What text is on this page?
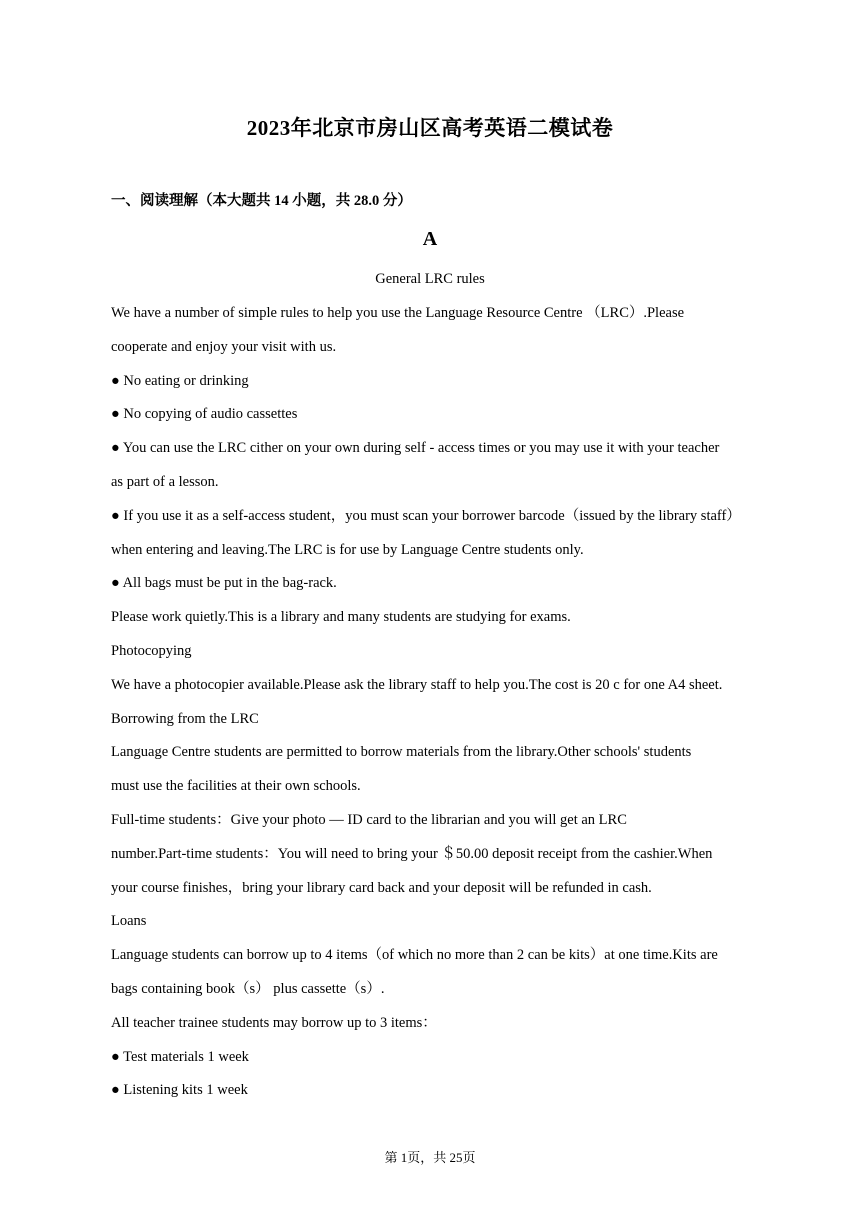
2023年北京市房山区高考英语二模试卷
一、阅读理解（本大题共 14 小题，共 28.0 分）
A
General LRC rules
We have a number of simple rules to help you use the Language Resource Centre （LRC）.Please
cooperate and enjoy your visit with us.
● No eating or drinking
● No copying of audio cassettes
● You can use the LRC cither on your own during self - access times or you may use it with your teacher
as part of a lesson.
● If you use it as a self-access student，you must scan your borrower barcode（issued by the library staff）
when entering and leaving.The LRC is for use by Language Centre students only.
● All bags must be put in the bag-rack.
Please work quietly.This is a library and many students are studying for exams.
Photocopying
We have a photocopier available.Please ask the library staff to help you.The cost is 20 c for one A4 sheet.
Borrowing from the LRC
Language Centre students are permitted to borrow materials from the library.Other schools' students
must use the facilities at their own schools.
Full-time students：Give your photo — ID card to the librarian and you will get an LRC
number.Part-time students：You will need to bring your ＄50.00 deposit receipt from the cashier.When
your course finishes，bring your library card back and your deposit will be refunded in cash.
Loans
Language students can borrow up to 4 items（of which no more than 2 can be kits）at one time.Kits are
bags containing book（s） plus cassette（s）.
All teacher trainee students may borrow up to 3 items：
● Test materials 1 week
● Listening kits 1 week
第 1页，共 25页
